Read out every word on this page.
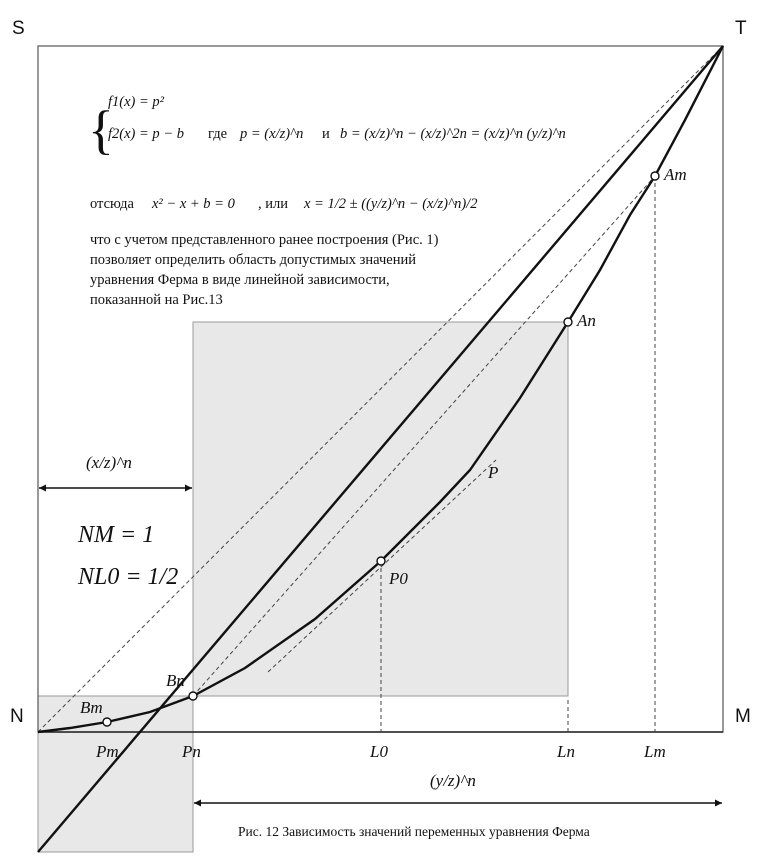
S	T
N	M
Am
An
P
P0
Bn
Bm
Pm	Pn	L0	Ln	Lm
(x/z)^n
(y/z)^n
NM = 1
NL0 = 1/2
{
f1(x) = p²
f2(x) = p − b где p = (x/z)^n и b = (x/z)^n − (x/z)^2n = (x/z)^n (y/z)^n
отсюда x² − x + b = 0 , или x = 1/2 ± ((y/z)^n − (x/z)^n)/2
что с учетом представленного ранее построения (Рис. 1)
позволяет определить область допустимых значений
уравнения Ферма в виде линейной зависимости,
показанной на Рис.13
Рис. 12 Зависимость значений переменных уравнения Ферма
